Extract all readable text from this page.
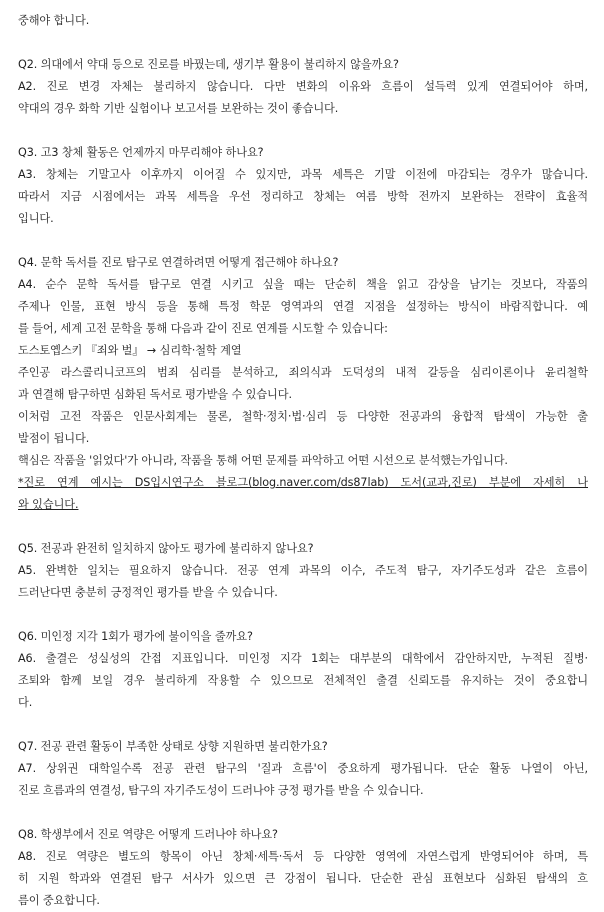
중해야 합니다.
Q2. 의대에서 약대 등으로 진로를 바꿨는데, 생기부 활용이 불리하지 않을까요?
A2. 진로 변경 자체는 불리하지 않습니다. 다만 변화의 이유와 흐름이 설득력 있게 연결되어야 하며,
약대의 경우 화학 기반 실험이나 보고서를 보완하는 것이 좋습니다.
Q3. 고3 창체 활동은 언제까지 마무리해야 하나요?
A3. 창체는 기말고사 이후까지 이어질 수 있지만, 과목 세특은 기말 이전에 마감되는 경우가 많습니다.
따라서 지금 시점에서는 과목 세특을 우선 정리하고 창체는 여름 방학 전까지 보완하는 전략이 효율적
입니다.
Q4. 문학 독서를 진로 탐구로 연결하려면 어떻게 접근해야 하나요?
A4. 순수 문학 독서를 탐구로 연결 시키고 싶을 때는 단순히 책을 읽고 감상을 남기는 것보다, 작품의
주제나 인물, 표현 방식 등을 통해 특정 학문 영역과의 연결 지점을 설정하는 방식이 바람직합니다. 예
를 들어, 세계 고전 문학을 통해 다음과 같이 진로 연계를 시도할 수 있습니다:
도스토옙스키 『죄와 벌』 → 심리학·철학 계열
주인공 라스콜리니코프의 범죄 심리를 분석하고, 죄의식과 도덕성의 내적 갈등을 심리이론이나 윤리철학
과 연결해 탐구하면 심화된 독서로 평가받을 수 있습니다.
이처럼 고전 작품은 인문사회계는 물론, 철학·정치·법·심리 등 다양한 전공과의 융합적 탐색이 가능한 출
발점이 됩니다.
핵심은 작품을 '읽었다'가 아니라, 작품을 통해 어떤 문제를 파악하고 어떤 시선으로 분석했는가입니다.
*진로 연계 예시는 DS입시연구소 블로그(blog.naver.com/ds87lab) 도서(교과,진로) 부분에 자세히 나
와 있습니다.
Q5. 전공과 완전히 일치하지 않아도 평가에 불리하지 않나요?
A5. 완벽한 일치는 필요하지 않습니다. 전공 연계 과목의 이수, 주도적 탐구, 자기주도성과 같은 흐름이
드러난다면 충분히 긍정적인 평가를 받을 수 있습니다.
Q6. 미인정 지각 1회가 평가에 불이익을 줄까요?
A6. 출결은 성실성의 간접 지표입니다. 미인정 지각 1회는 대부분의 대학에서 감안하지만, 누적된 질병·
조퇴와 함께 보일 경우 불리하게 작용할 수 있으므로 전체적인 출결 신뢰도를 유지하는 것이 중요합니
다.
Q7. 전공 관련 활동이 부족한 상태로 상향 지원하면 불리한가요?
A7. 상위권 대학일수록 전공 관련 탐구의 '질과 흐름'이 중요하게 평가됩니다. 단순 활동 나열이 아닌,
진로 흐름과의 연결성, 탐구의 자기주도성이 드러나야 긍정 평가를 받을 수 있습니다.
Q8. 학생부에서 진로 역량은 어떻게 드러나야 하나요?
A8. 진로 역량은 별도의 항목이 아닌 창체·세특·독서 등 다양한 영역에 자연스럽게 반영되어야 하며, 특
히 지원 학과와 연결된 탐구 서사가 있으면 큰 강점이 됩니다. 단순한 관심 표현보다 심화된 탐색의 흐
름이 중요합니다.
